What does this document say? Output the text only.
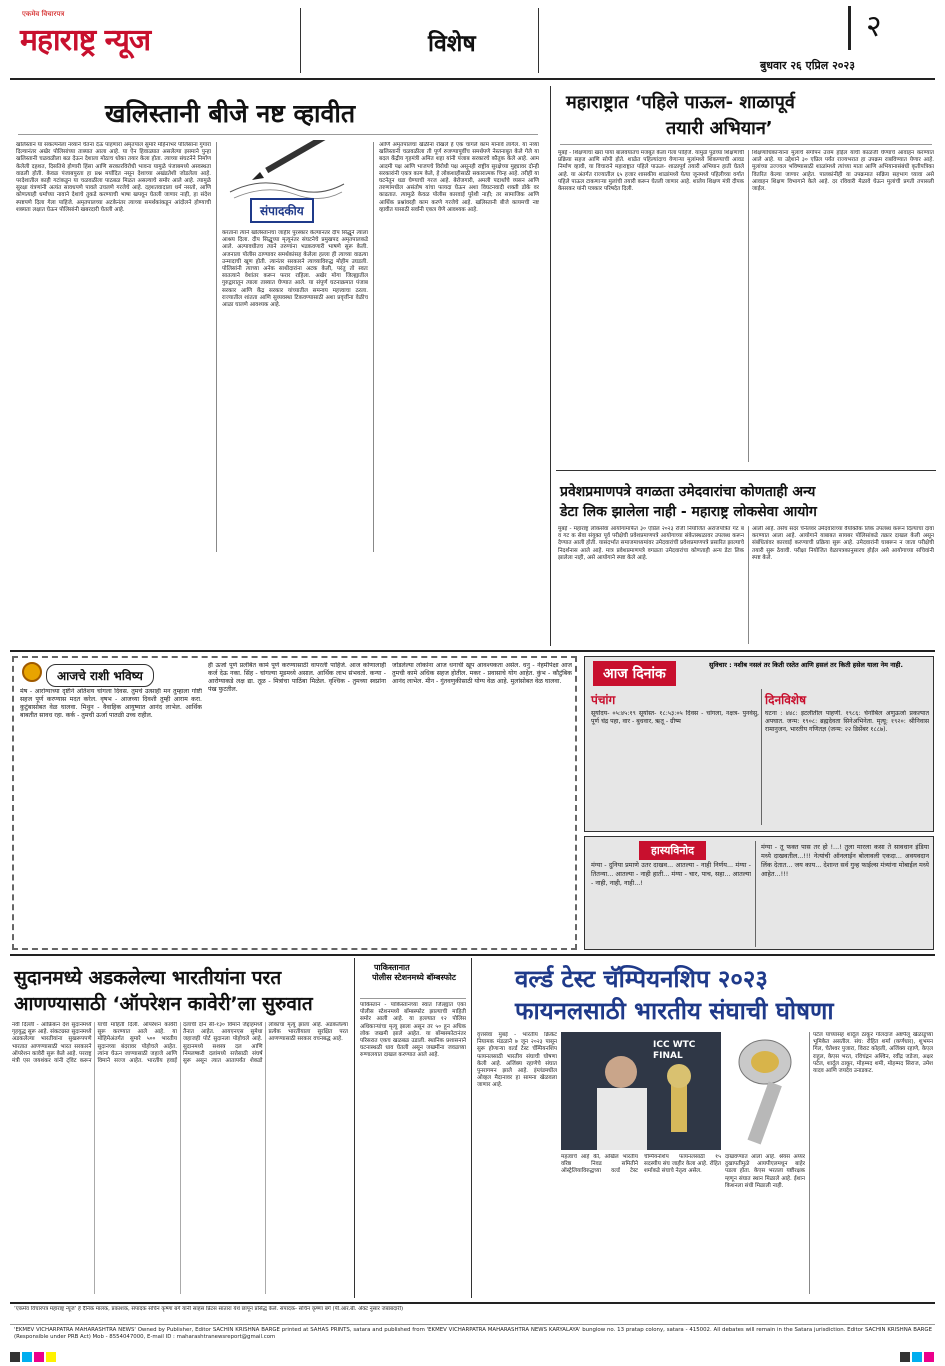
एकमेव विचारपत्र
महाराष्ट्र न्यूज	विशेष	२
बुधवार २६ एप्रिल २०२३
खलिस्तानी बीजे नष्ट व्हावीत
खलिस्तान या संकल्पनेला नव्याने चेतना देऊ पाहणारा अमृतपाल सुमारे महिनाभर पोलिसांना गुंगारा दिल्यानंतर अखेर पोलिसांच्या ताब्यात आला आहे. या ऐन हिवाळ्यात असलेल्या इसमाने पुन्हा खलिस्तानी चळवळीला बळ देऊन देशाला मोठाच धोका तयार केला होता. त्याच्या संघटनेने निर्माण केलेली दहशत, दिसतिथे होणारी हिंसा आणि सरकारविरोधी भावना यामुळे पंजाबमध्ये अस्वस्थता वाढली होती. केवळ पंजाबपुरता हा प्रश्न मर्यादित नसून देशाच्या अखंडतेशी जोडलेला आहे. परदेशातील काही गटांकडून या चळवळीला पाठबळ मिळत असल्याचे समोर आले आहे. त्यामुळे सुरक्षा यंत्रणांनी अत्यंत सावधपणे पावले उचलणे गरजेचे आहे. दहशतवादाला धर्म नसतो, आणि कोणत्याही धर्माच्या नावाने देशाचे तुकडे करण्याची भाषा खपवून घेतली जाणार नाही, हा संदेश स्पष्टपणे दिला गेला पाहिजे. अमृतपालच्या अटकेनंतर त्याच्या समर्थकांकडून आंदोलने होण्याची शक्यता लक्षात घेऊन पोलिसांनी खबरदारी घेतली आहे.	संपादकीय
करतांना त्याने खलिस्तानचा जाहीर पुरस्कार केल्यानंतर दीप सिद्धूने त्याला आश्रय दिला. दीप सिद्धूच्या मृत्यूनंतर संघटनेचे प्रमुखपद अमृतपालकडे आले. अल्पावधीतच त्याने तरुणांना भडकवणारी भाषणे सुरू केली. अजनाला पोलीस ठाण्यावर समर्थकांसह केलेला हल्ला ही त्याच्या वाढत्या उन्मादाची खूण होती. त्यानंतर सरकारने त्याच्याविरुद्ध मोहीम उघडली. पोलिसांनी त्याच्या अनेक साथीदारांना अटक केली, परंतु तो स्वतः सातत्याने वेशांतर करून फरार राहिला. अखेर मोगा जिल्ह्यातील गुरुद्वारातून त्याला ताब्यात घेण्यात आले. या संपूर्ण घटनाक्रमात पंजाब सरकार आणि केंद्र सरकार यांच्यातील समन्वय महत्त्वाचा ठरला. राज्यातील शांतता आणि सुव्यवस्था टिकवण्यासाठी अशा प्रवृत्तींना वेळीच आळा घालणे आवश्यक आहे.
आणि अमृतपालचा खेळीना रोखले हे एक चांगले काम मानावे लागेल. या नव्या खलिस्तानी चळवळीला ती पूर्ण रुजण्यापूर्वीच समर्थपणे नेस्तनाबूत केले गेले या बदल केंद्रीय गृहमंत्री अमित शहा यांनी पंजाब सरकारचे कौतुक केले आहे. आम आदमी पक्ष आणि भाजपचे विरोधी पक्ष असूनही राष्ट्रीय सुरक्षेच्या मुद्द्यावर दोन्ही सरकारांनी एकत्र काम केले, हे लोकशाहीसाठी सकारात्मक चिन्ह आहे. तरीही या घटनेतून धडा घेण्याची गरज आहे. बेरोजगारी, अमली पदार्थांचे व्यसन आणि तरुणांमधील असंतोष यांचा फायदा घेऊन अशा विघटनवादी शक्ती डोके वर काढतात. त्यामुळे केवळ पोलीस कारवाई पुरेशी नाही; तर सामाजिक आणि आर्थिक प्रश्नांवरही काम करणे गरजेचे आहे. खलिस्तानी बीजे कायमची नष्ट व्हावीत यासाठी सर्वांनी एकत्र येणे आवश्यक आहे.
महाराष्ट्रात ‘पहिले पाऊल- शाळापूर्व
तयारी अभियान’
मुंबई - शिक्षणाचा खरा पाया बालवयातच मजबूत केला गेला पाहिजे. यामुळे पुढच्या शिक्षणाची प्रक्रिया सहज आणि सोपी होते. शाळेत पहिल्यांदाच येणाऱ्या मुलांमध्ये शिकण्याची आवड निर्माण व्हावी, या विचाराने महाराष्ट्रात पहिले पाऊल- शाळापूर्व तयारी अभियान हाती घेतले आहे. या अंतर्गत राज्यातील ६५ हजार शासकीय शाळांमध्ये येत्या जूनमध्ये पहिलीच्या वर्गात पहिले पाऊल टाकणाऱ्या मुलांची तयारी करून घेतली जाणार आहे. शालेय शिक्षण मंत्री दीपक केसरकर यांनी पत्रकार परिषदेत दिली.
शिक्षणाधिकाऱ्यांना मुलांचे संगोपन उत्तम होईल याची काळजी घेण्याचे आवाहन करण्यात आले आहे. या उद्देशाने ३० एप्रिल पर्यंत राज्यभरात हा उपक्रम राबविण्यात येणार आहे. मुलांच्या उज्ज्वल भविष्यासाठी शाळांमध्ये त्यांच्या माता आणि अभियानासंबंधी कृतीपत्रिका वितरित केल्या जाणार आहेत. पालकांनीही या उपक्रमात सक्रिय सहभाग घ्यावा असे आवाहन शिक्षण विभागाने केले आहे. दर रविवारी मेळावे घेऊन मुलांची प्रगती तपासली जाईल.
प्रवेशप्रमाणपत्रे वगळता उमेदवारांचा कोणताही अन्य
डेटा लिक झालेला नाही - महाराष्ट्र लोकसेवा आयोग
मुंबई - महाराष्ट्र लोकसेवा आयोगामार्फत ३० एप्रिल २०२३ रोजी नियोजित अराजपत्रित गट ब व गट क सेवा संयुक्त पूर्व परीक्षेची प्रवेशप्रमाणपत्रे आयोगाच्या संकेतस्थळावर उपलब्ध करून देण्यात आली होती. यासंदर्भात समाजमाध्यमांवर उमेदवारांची प्रवेशप्रमाणपत्रे प्रसारित झाल्याचे निदर्शनास आले आहे. मात्र प्रवेशप्रमाणपत्रे वगळता उमेदवारांचा कोणताही अन्य डेटा लिक झालेला नाही, असे आयोगाने स्पष्ट केले आहे.
आली आहे. तसेच सदर चॅनेलवर उमेदवारांच्या वैयक्तिक लिंक उपलब्ध करून दिल्याचा दावा करण्यात आला आहे. आयोगाने याबाबत सायबर पोलिसांकडे तक्रार दाखल केली असून संबंधितांवर कारवाई करण्याची प्रक्रिया सुरू आहे. उमेदवारांनी घाबरून न जाता परीक्षेची तयारी सुरू ठेवावी. परीक्षा नियोजित वेळापत्रकानुसारच होईल असे आयोगाच्या सचिवांनी स्पष्ट केले.
आजचे राशी भविष्य
मेष - आरोग्याच्या दृष्टीने अतिशय चांगला दिवस. तुमचे उत्साही मन तुम्हाला गोष्टी सहज पूर्ण करण्यास मदत करेल. वृषभ - आजच्या दिवशी तुम्ही आराम करा. कुटुंबासोबत वेळ घालवा. मिथुन - वैवाहिक आयुष्यात आनंद लाभेल. आर्थिक बाबतीत सावध रहा. कर्क - तुमची ऊर्जा पातळी उच्च राहील.
ही ऊर्जा पूर्ण प्रलंबित कामे पूर्ण करण्यासाठी वापरली पाहिजे. आज कोणालाही कर्ज देऊ नका. सिंह - चांगल्या मूडमध्ये असाल. आर्थिक लाभ संभवतो. कन्या - आरोग्याकडे लक्ष द्या. तूळ - मित्रांचा पाठिंबा मिळेल. वृश्चिक - तुमच्या स्वप्नांना पंख फुटतील.
जोडलेल्या लोकांना आज धनाची खूप आवश्यकता असेल. धनु - नेहमीपेक्षा आज तुमची कामे अधिक सहज होतील. मकर - प्रवासाचे योग आहेत. कुंभ - कौटुंबिक आनंद लाभेल. मीन - गुंतवणुकीसाठी योग्य वेळ आहे. मुलांसोबत वेळ घालवा.	आज दिनांक
सुविचार : नशीब नसलं तर किती रस्तेत आणि हसलं तर किती हसेल याला नेम नाही.
पंचांग
सूर्योदय- ०५:४५:१९ सूर्यास्त- १८:५३:०५ दिवस - चांगला, नक्षत्र- पुनर्वसु, पूर्ण चंद्र पहा, वार - बुधवार, ऋतू - ग्रीष्म
दिनविशेष
घटना : ४४८: इटलीतील पाहणी. १९८६: चेर्नोबिल अणुऊर्जा प्रकल्पात अपघात. जन्म: १९०८: ब्रह्मदेवता सिनेअभिनेता. मृत्यू: १९२०: श्रीनिवास रामानुजन, भारतीय गणितज्ञ (जन्म: २२ डिसेंबर १८८७).
हास्यविनोद
मंग्या - दुनिया प्रमाणे उतर दाखव... आतल्या - नाही निर्णय... मंग्या - तितन्या... आतल्या - नाही हाती... मंग्या - चार, पाच, सहा... आतल्या - नाही, नाही, नाही...!
मंग्या - तू फक्त पास तर हो !...! तुला मारला कसा ते सावधान इंडिया मध्ये दाखवतील...!!! नेत्यांची ऑनलाईन बोलावली एकदा... अवयवदान लिंक देतात... जय काय... देशान्त सर्व गुन्ह फाईल्स मंत्र्यांना मोबाईल मध्ये आहेत...!!!
सुदानमध्ये अडकलेल्या भारतीयांना परत
आणण्यासाठी ‘ऑपरेशन कावेरी’ला सुरुवात
नवी दिल्ली - आफ्रिकन देश सुदानमध्ये गृहयुद्ध सुरू आहे. संकटग्रस्त सुदानमध्ये अडकलेल्या भारतीयांना सुखरूपपणे भारतात आणण्यासाठी भारत सरकारने ऑपरेशन कावेरी सुरू केले आहे. परराष्ट्र मंत्री एस जयशंकर यांनी ट्विट करून याची माहिती दिली. ऑपरेशन कावेरी सुरू करण्यात आले आहे. या मोहिमेअंतर्गत सुमारे ५०० भारतीय सुदानच्या बंदरावर पोहोचले आहेत. त्यांना घेऊन जाण्यासाठी जहाजे आणि विमाने सज्ज आहेत. भारतीय हवाई दलाची दोन सी-१३० विमाने जेद्दाहमध्ये तैनात आहेत. आयएनएस सुमेधा जहाजही पोर्ट सुदानला पोहोचले आहे. सुदानमध्ये सशस्त्र दल आणि निमलष्करी दलांमध्ये सत्तेसाठी संघर्ष सुरू असून त्यात आतापर्यंत शेकडो लोकांचा मृत्यू झाला आहे. अडकलेल्या प्रत्येक भारतीयाला सुरक्षित परत आणण्यासाठी सरकार वचनबद्ध आहे.
पाकिस्तानात
पोलीस स्टेशनमध्ये बॉम्बस्फोट
पाकिस्तान - पाकिस्तानच्या स्वात जिल्ह्यात एका पोलीस स्टेशनमध्ये बॉम्बस्फोट झाल्याची माहिती समोर आली आहे. या हल्ल्यात १२ पोलिस अधिकाऱ्यांचा मृत्यू झाला असून तर ५० हून अधिक लोक जखमी झाले आहेत. या बॉम्बस्फोटानंतर परिसरात एकच खळबळ उडाली. स्थानिक प्रशासनाने घटनास्थळी धाव घेतली असून जखमींना जवळच्या रुग्णालयात दाखल करण्यात आले आहे.
वर्ल्ड टेस्ट चॅम्पियनशिप २०२३
फायनलसाठी भारतीय संघाची घोषणा
वृत्तसेवा मुंबई - भारतीय क्रिकेट नियामक मंडळाने ७ जून २०२३ पासून सुरू होणाऱ्या वर्ल्ड टेस्ट चॅम्पियनशिप फायनलसाठी भारतीय संघाची घोषणा केली आहे. अजिंक्य रहाणेचे संघात पुनरागमन झाले आहे. इंग्लंडमधील ओव्हल मैदानावर हा सामना खेळवला जाणार आहे.
ICC WTC FINAL
महत्वाचे आहे की, अखिल भारतीय वरिष्ठ निवड समितीने ऑस्ट्रेलियाविरुद्धच्या वर्ल्ड टेस्ट चॅम्पियनशिप फायनलसाठी १५ सदस्यीय संघ जाहीर केला आहे. रोहित शर्माकडे संघाचे नेतृत्व असेल.
दाखवण्यात आला आहे. श्रेयस अय्यर दुखापतीमुळे आयपीएलमधून बाहेर पडला होता. केएस भरतला यष्टीरक्षक म्हणून संघात स्थान मिळाले आहे. ईशान किशनला संधी मिळाली नाही.
पटेल यांच्यासह शार्दूल ठाकूर गोलंदाज अष्टपैलू खेळाडूंच्या भूमिकेत असतील. संघ: रोहित शर्मा (कर्णधार), शुभमन गिल, चेतेश्वर पुजारा, विराट कोहली, अजिंक्य रहाणे, केएल राहुल, केएस भरत, रविचंद्रन अश्विन, रवींद्र जडेजा, अक्षर पटेल, शार्दूल ठाकूर, मोहम्मद शमी, मोहम्मद सिराज, उमेश यादव आणि जयदेव उनाडकट.
‘एकमेव विचारपत्र महाराष्ट्र न्यूज’ हे दैनिक मालक, प्रकाशक, संपादक सचिन कृष्णा बर्गे यांनी साहस प्रिंटस सातारा येथे छापून प्रसिद्ध केले. संपादक- सचिन कृष्णा बर्गे (पी.आर.बी. ॲक्ट नुसार जबाबदारी)
'EKMEV VICHARPATRA MAHARASHTRA NEWS' Owned by Publisher, Editor SACHIN KRISHNA BARGE printed at SAHAS PRINTS, satara and published from 'EKMEV VICHARPATRA MAHARASHTRA NEWS KARYALAYA' bunglow no. 13 pratap colony, satara - 415002. All debates will remain in the Satara jurisdiction. Editor SACHIN KRISHNA BARGE (Responsible under PRB Act) Mob - 8554047000, E-mail ID : maharashtranewsreport@gmail.com
